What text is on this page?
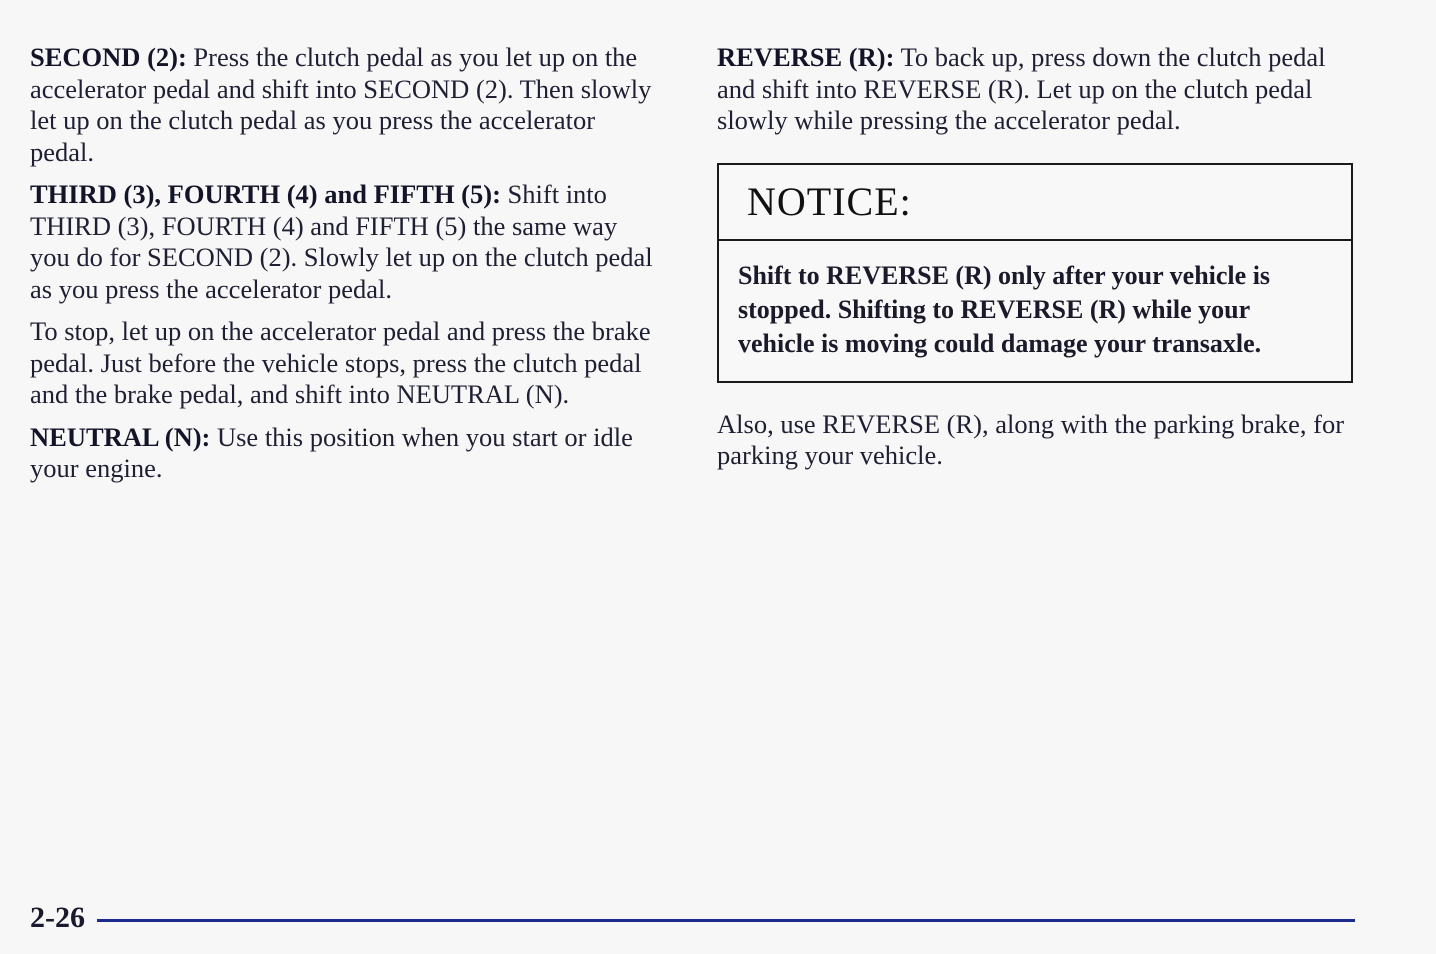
SECOND (2): Press the clutch pedal as you let up on the accelerator pedal and shift into SECOND (2). Then slowly let up on the clutch pedal as you press the accelerator pedal.

THIRD (3), FOURTH (4) and FIFTH (5): Shift into THIRD (3), FOURTH (4) and FIFTH (5) the same way you do for SECOND (2). Slowly let up on the clutch pedal as you press the accelerator pedal.

To stop, let up on the accelerator pedal and press the brake pedal. Just before the vehicle stops, press the clutch pedal and the brake pedal, and shift into NEUTRAL (N).

NEUTRAL (N): Use this position when you start or idle your engine.

REVERSE (R): To back up, press down the clutch pedal and shift into REVERSE (R). Let up on the clutch pedal slowly while pressing the accelerator pedal.

NOTICE:
Shift to REVERSE (R) only after your vehicle is stopped. Shifting to REVERSE (R) while your vehicle is moving could damage your transaxle.

Also, use REVERSE (R), along with the parking brake, for parking your vehicle.

2-26
